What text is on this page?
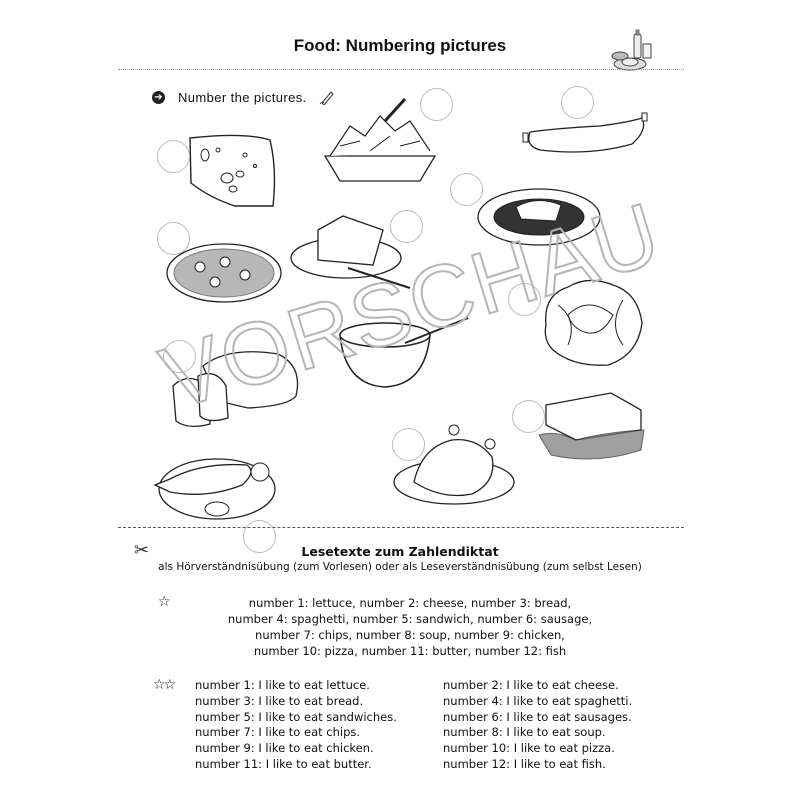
Food: Numbering pictures
➔ Number the pictures.
VORSCHAU
✂	Lesetexte zum Zahlendiktat
als Hörverständnisübung (zum Vorlesen) oder als Leseverständnisübung (zum selbst Lesen)
☆	number 1: lettuce, number 2: cheese, number 3: bread,
number 4: spaghetti, number 5: sandwich, number 6: sausage,
number 7: chips, number 8: soup, number 9: chicken,
number 10: pizza, number 11: butter, number 12: fish
☆☆ number 1: I like to eat lettuce.
number 3: I like to eat bread.
number 5: I like to eat sandwiches.
number 7: I like to eat chips.
number 9: I like to eat chicken.
number 11: I like to eat butter.
number 2: I like to eat cheese.
number 4: I like to eat spaghetti.
number 6: I like to eat sausages.
number 8: I like to eat soup.
number 10: I like to eat pizza.
number 12: I like to eat fish.
